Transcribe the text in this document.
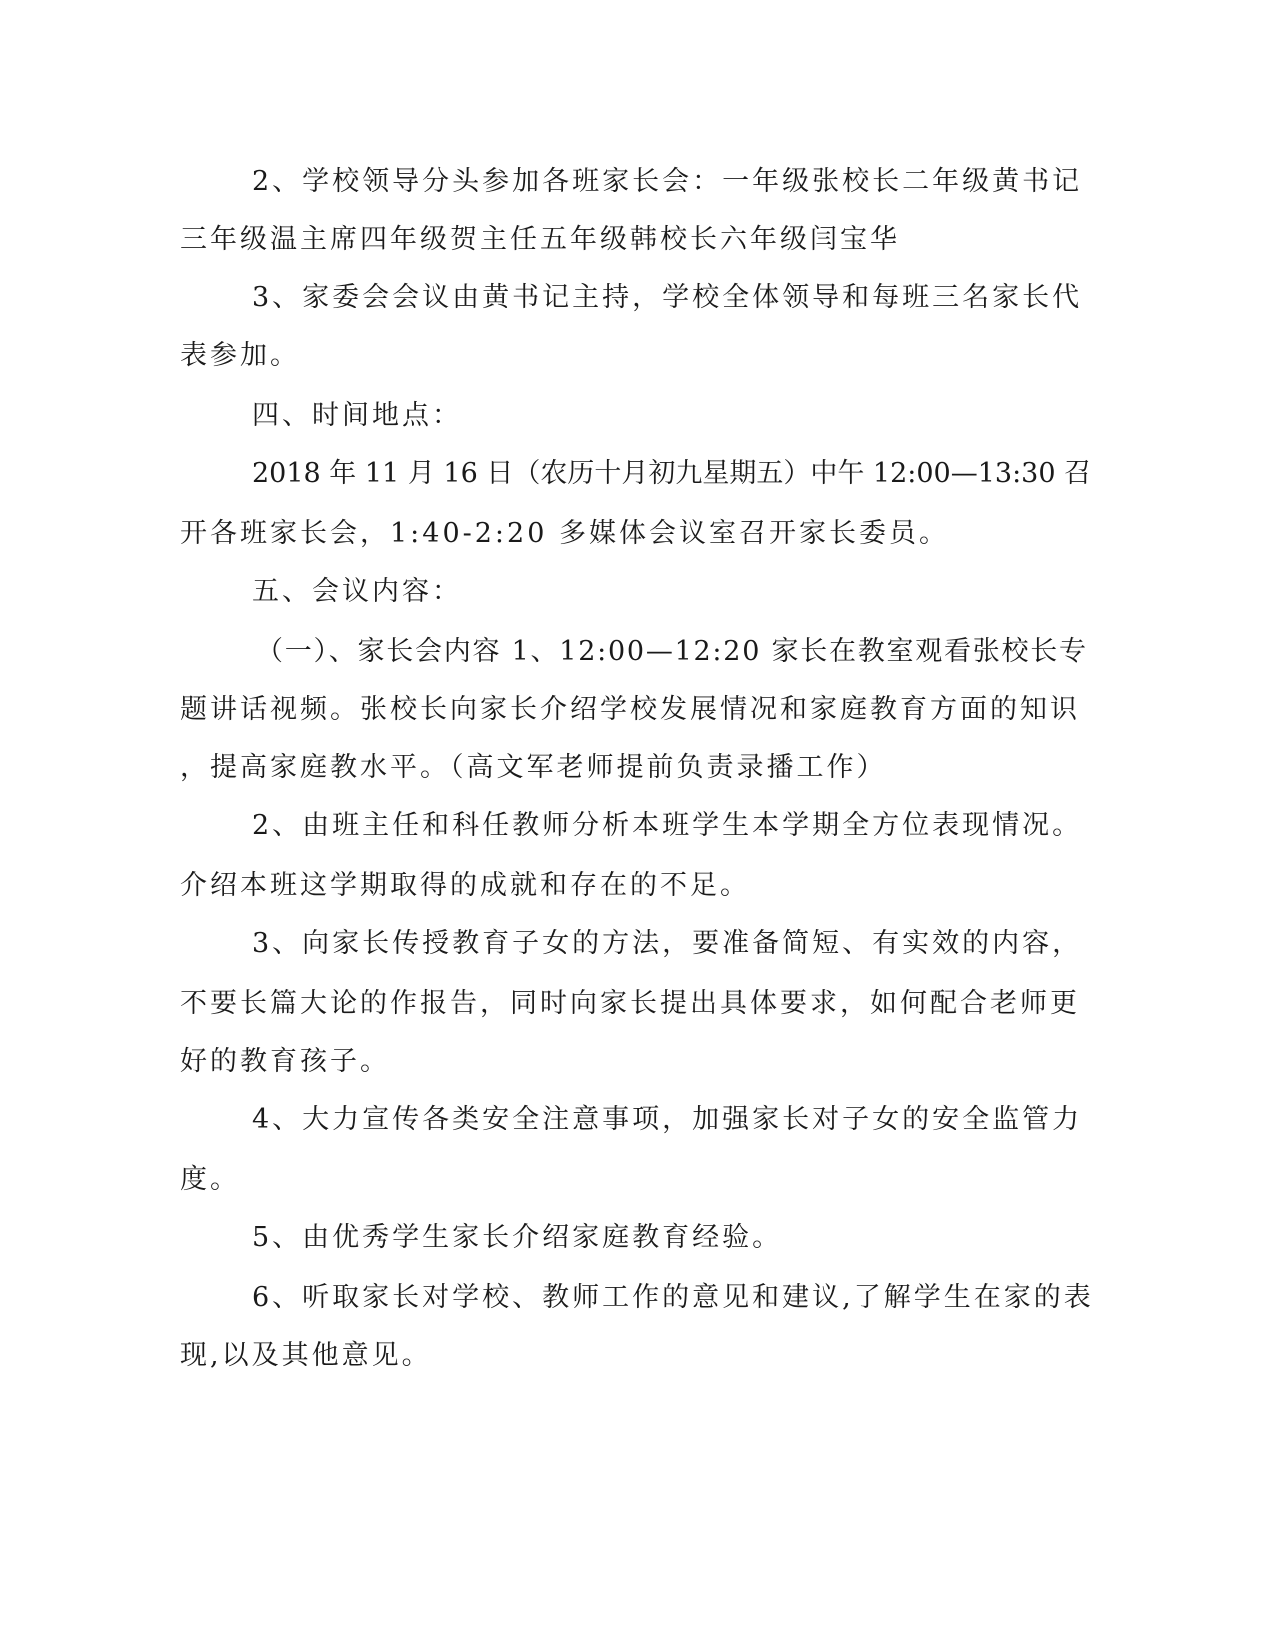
2、学校领导分头参加各班家长会：一年级张校长二年级黄书记
三年级温主席四年级贺主任五年级韩校长六年级闫宝华
3、家委会会议由黄书记主持，学校全体领导和每班三名家长代
表参加。
四、时间地点：
2018 年 11 月 16 日（农历十月初九星期五）中午 12:00—13:30 召
开各班家长会，1:40-2:20 多媒体会议室召开家长委员。
五、会议内容：
（一）、家长会内容 1、12:00—12:20 家长在教室观看张校长专
题讲话视频。张校长向家长介绍学校发展情况和家庭教育方面的知识
，提高家庭教水平。（高文军老师提前负责录播工作）
2、由班主任和科任教师分析本班学生本学期全方位表现情况。
介绍本班这学期取得的成就和存在的不足。
3、向家长传授教育子女的方法，要准备简短、有实效的内容，
不要长篇大论的作报告，同时向家长提出具体要求，如何配合老师更
好的教育孩子。
4、大力宣传各类安全注意事项，加强家长对子女的安全监管力
度。
5、由优秀学生家长介绍家庭教育经验。
6、听取家长对学校、教师工作的意见和建议,了解学生在家的表
现,以及其他意见。
